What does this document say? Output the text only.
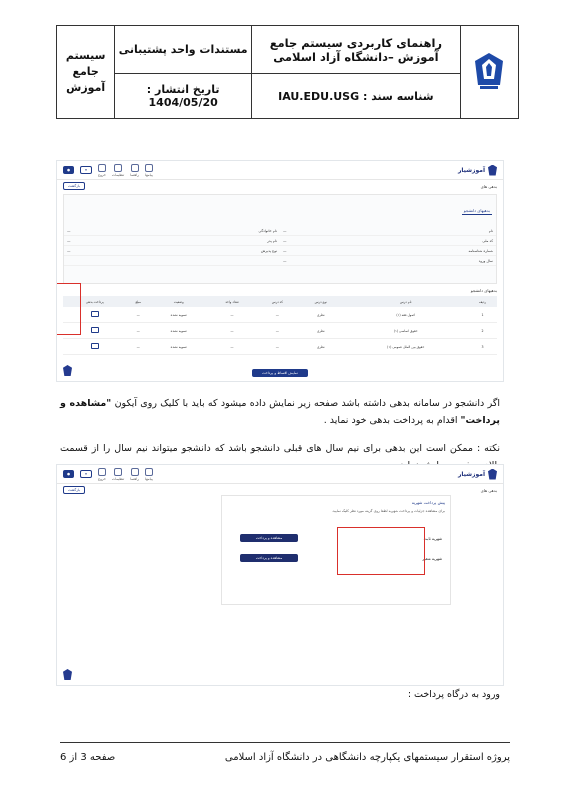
	راهنمای کاربردی سیستم جامع آموزش –دانشگاه آزاد اسلامی	مستندات واحد پشتیبانی	سیستم
جامع
آموزش

	شناسه سند : IAU.EDU.USG	تاریخ انتشار : 1404/05/20	
آموزشیار
پیامها
راهنما
تنظیمات
خروج
▾
●
بدهی های
بازگشت
بدهیهای دانشجو
نام
—
نام خانوادگی
—
کد ملی
—
نام پدر
—
شماره شناسنامه
—
نوع پذیرش
—
سال ورود
—
بدهیهای دانشجو
ردیف	نام درس	نوع درس	کد درس	تعداد واحد	وضعیت	مبلغ	پرداخت بدهی
1	اصول فقه (۱)	نظری	—	—	تسویه نشده	—	
2	حقوق اساسی (۱)	نظری	—	—	تسویه نشده	—	
3	حقوق بین الملل عمومی (۱)	نظری	—	—	تسویه نشده	—	
نمایش اقساط و پرداخت
اگر دانشجو در سامانه بدهی داشته باشد صفحه زیر نمایش داده میشود که باید با کلیک روی آیکون "مشاهده و پرداخت" اقدام به پرداخت بدهی خود نماید .
نکته : ممکن است این بدهی برای نیم سال های قبلی دانشجو باشد که دانشجو میتواند نیم سال را از قسمت
آموزشیار
پیامها
راهنما
تنظیمات
خروج
▾
●
بدهی های
بازگشت
پیش پرداخت شهریه
برای مشاهده جزئیات و پرداخت شهریه لطفا روی گزینه مورد نظر کلیک نمایید.
شهریه ثابت
شهریه متغیر
مشاهده و پرداخت
مشاهده و پرداخت
ورود به درگاه پرداخت :
پروژه استقرار سیستمهای یکپارچه دانشگاهی در دانشگاه آزاد اسلامی
صفحه 3 از 6
